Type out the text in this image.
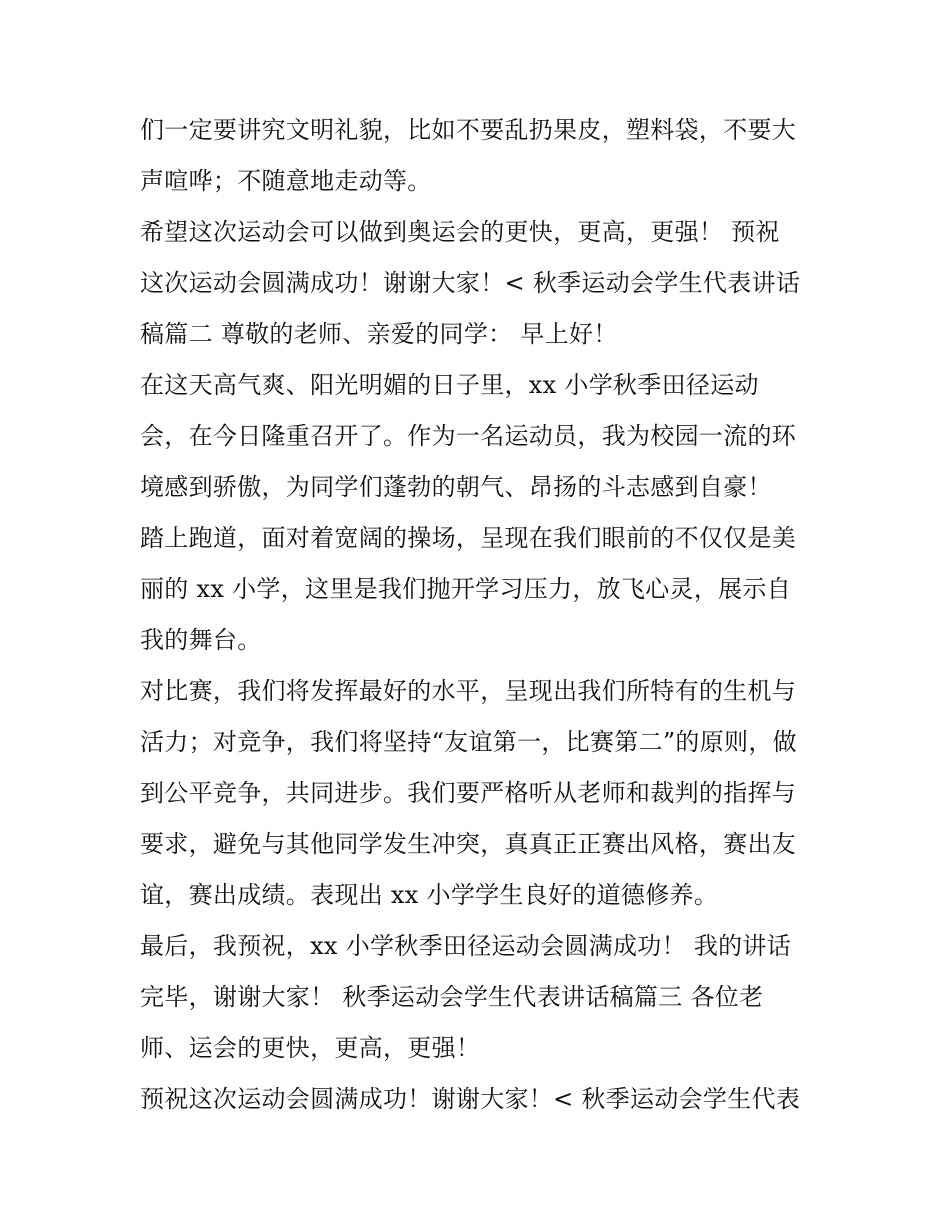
们一定要讲究文明礼貌，比如不要乱扔果皮，塑料袋，不要大
声喧哗；不随意地走动等。
希望这次运动会可以做到奥运会的更快，更高，更强！ 预祝
这次运动会圆满成功！谢谢大家！< 秋季运动会学生代表讲话
稿篇二 尊敬的老师、亲爱的同学： 早上好！
在这天高气爽、阳光明媚的日子里，xx 小学秋季田径运动
会，在今日隆重召开了。作为一名运动员，我为校园一流的环
境感到骄傲，为同学们蓬勃的朝气、昂扬的斗志感到自豪！
踏上跑道，面对着宽阔的操场，呈现在我们眼前的不仅仅是美
丽的 xx 小学，这里是我们抛开学习压力，放飞心灵，展示自
我的舞台。
对比赛，我们将发挥最好的水平，呈现出我们所特有的生机与
活力；对竞争，我们将坚持“友谊第一，比赛第二”的原则，做
到公平竞争，共同进步。我们要严格听从老师和裁判的指挥与
要求，避免与其他同学发生冲突，真真正正赛出风格，赛出友
谊，赛出成绩。表现出 xx 小学学生良好的道德修养。
最后，我预祝，xx 小学秋季田径运动会圆满成功！ 我的讲话
完毕，谢谢大家！ 秋季运动会学生代表讲话稿篇三 各位老
师、运会的更快，更高，更强！
预祝这次运动会圆满成功！谢谢大家！< 秋季运动会学生代表
